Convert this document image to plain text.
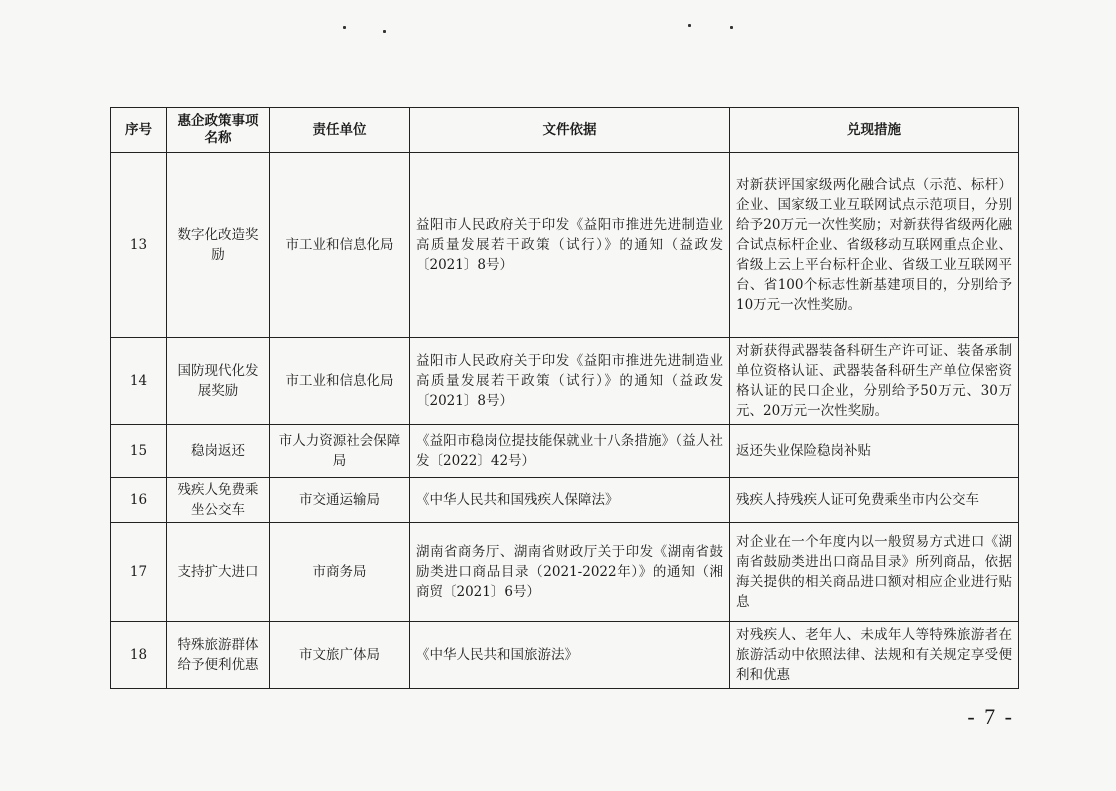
序号	惠企政策事项名称	责任单位	文件依据	兑现措施
13	数字化改造奖励	市工业和信息化局	益阳市人民政府关于印发《益阳市推进先进制造业高质量发展若干政策（试行）》的通知（益政发〔2021〕8号）	对新获评国家级两化融合试点（示范、标杆）企业、国家级工业互联网试点示范项目，分别给予20万元一次性奖励；对新获得省级两化融合试点标杆企业、省级移动互联网重点企业、省级上云上平台标杆企业、省级工业互联网平台、省100个标志性新基建项目的，分别给予10万元一次性奖励。
14	国防现代化发展奖励	市工业和信息化局	益阳市人民政府关于印发《益阳市推进先进制造业高质量发展若干政策（试行）》的通知（益政发〔2021〕8号）	对新获得武器装备科研生产许可证、装备承制单位资格认证、武器装备科研生产单位保密资格认证的民口企业，分别给予50万元、30万元、20万元一次性奖励。
15	稳岗返还	市人力资源社会保障局	《益阳市稳岗位提技能保就业十八条措施》（益人社发〔2022〕42号）	返还失业保险稳岗补贴
16	残疾人免费乘坐公交车	市交通运输局	《中华人民共和国残疾人保障法》	残疾人持残疾人证可免费乘坐市内公交车
17	支持扩大进口	市商务局	湖南省商务厅、湖南省财政厅关于印发《湖南省鼓励类进口商品目录（2021-2022年）》的通知（湘商贸〔2021〕6号）	对企业在一个年度内以一般贸易方式进口《湖南省鼓励类进出口商品目录》所列商品，依据海关提供的相关商品进口额对相应企业进行贴息
18	特殊旅游群体给予便利优惠	市文旅广体局	《中华人民共和国旅游法》	对残疾人、老年人、未成年人等特殊旅游者在旅游活动中依照法律、法规和有关规定享受便利和优惠
- 7 -
